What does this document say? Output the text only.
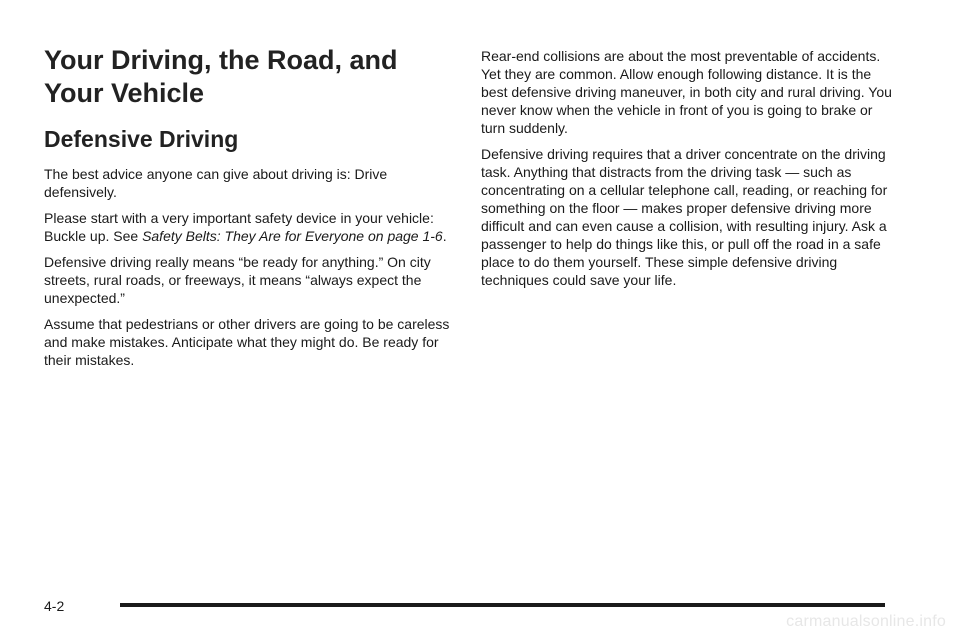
Your Driving, the Road, and Your Vehicle
Defensive Driving

The best advice anyone can give about driving is: Drive defensively.

Please start with a very important safety device in your vehicle: Buckle up. See Safety Belts: They Are for Everyone on page 1-6.

Defensive driving really means “be ready for anything.” On city streets, rural roads, or freeways, it means “always expect the unexpected.”

Assume that pedestrians or other drivers are going to be careless and make mistakes. Anticipate what they might do. Be ready for their mistakes.

Rear-end collisions are about the most preventable of accidents. Yet they are common. Allow enough following distance. It is the best defensive driving maneuver, in both city and rural driving. You never know when the vehicle in front of you is going to brake or turn suddenly.

Defensive driving requires that a driver concentrate on the driving task. Anything that distracts from the driving task — such as concentrating on a cellular telephone call, reading, or reaching for something on the floor — makes proper defensive driving more difficult and can even cause a collision, with resulting injury. Ask a passenger to help do things like this, or pull off the road in a safe place to do them yourself. These simple defensive driving techniques could save your life.

4-2
carmanualsonline.info
